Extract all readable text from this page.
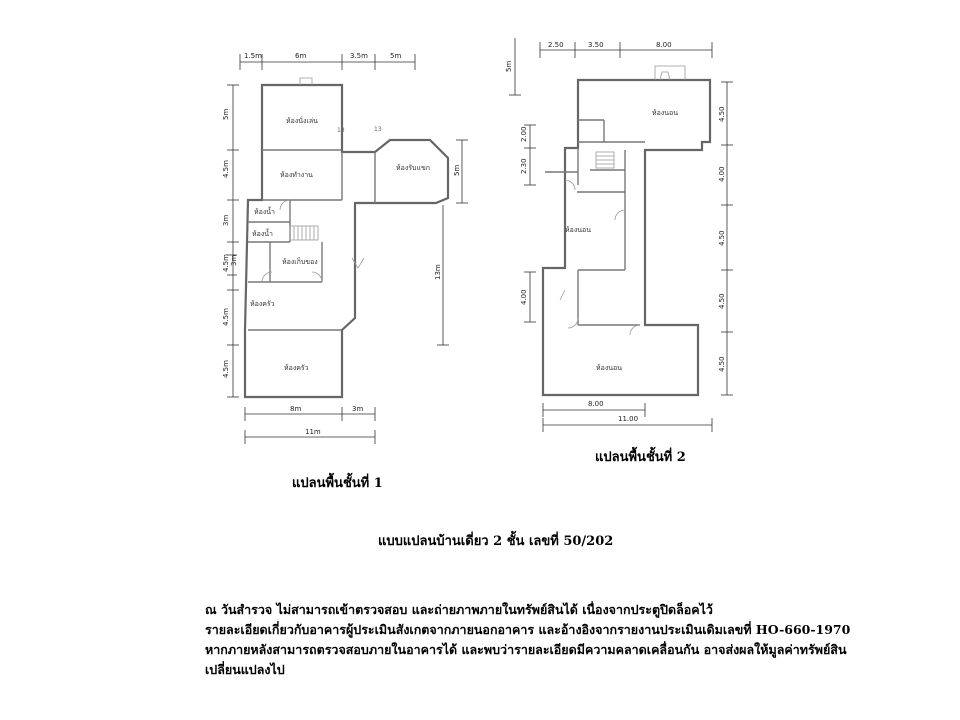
13
13
ห้องนั่งเล่น
ห้องทำงาน
ห้องรับแขก
ห้องน้ำ
ห้องน้ำ
ห้องเก็บของ
ห้องครัว
ห้องครัว
1.5m	6m	3.5m	5m
5m
4.5m
3m
4.5m 3m
4.5m
4.5m
5m
13m
8m	3m
11m
ห้องนอน
ห้องนอน
ห้องนอน
2.50	3.50	8.00
5m
2.00
2.30
4.00
4.50
4.00
4.50
4.50
4.50
8.00
11.00
แปลนพื้นชั้นที่ 1
แปลนพื้นชั้นที่ 2
แบบแปลนบ้านเดี่ยว 2 ชั้น เลขที่ 50/202
ณ วันสำรวจ ไม่สามารถเข้าตรวจสอบ และถ่ายภาพภายในทรัพย์สินได้ เนื่องจากประตูปิดล็อคไว้
รายละเอียดเกี่ยวกับอาคารผู้ประเมินสังเกตจากภายนอกอาคาร และอ้างอิงจากรายงานประเมินเดิมเลขที่ HO-660-1970
หากภายหลังสามารถตรวจสอบภายในอาคารได้ และพบว่ารายละเอียดมีความคลาดเคลื่อนกัน อาจส่งผลให้มูลค่าทรัพย์สิน
เปลี่ยนแปลงไป
